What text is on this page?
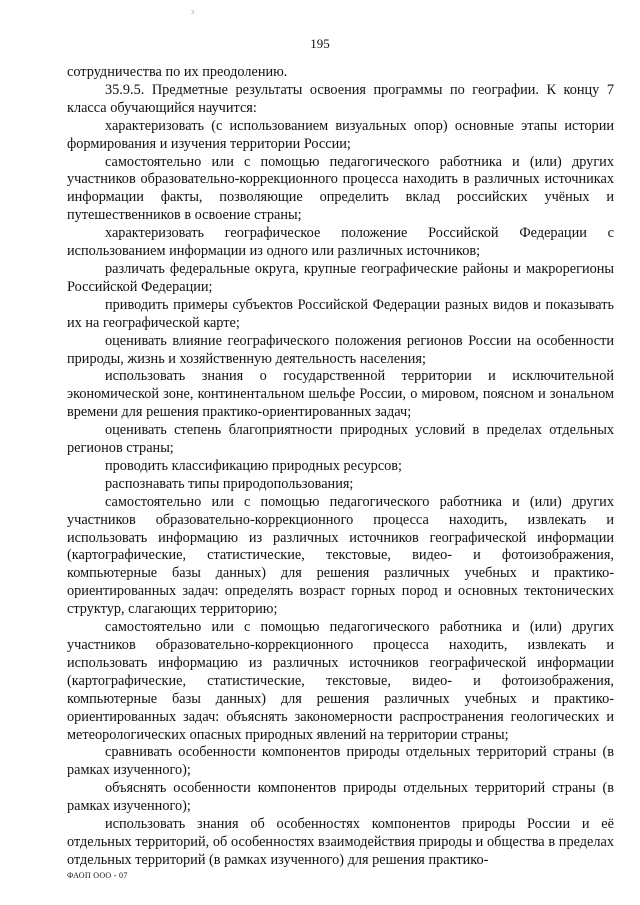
3
195

сотрудничества по их преодолению.

35.9.5. Предметные результаты освоения программы по географии. К концу 7 класса обучающийся научится:

характеризовать (с использованием визуальных опор) основные этапы истории формирования и изучения территории России;

самостоятельно или с помощью педагогического работника и (или) других участников образовательно-коррекционного процесса находить в различных источниках информации факты, позволяющие определить вклад российских учёных и путешественников в освоение страны;

характеризовать географическое положение Российской Федерации с использованием информации из одного или различных источников;

различать федеральные округа, крупные географические районы и макрорегионы Российской Федерации;

приводить примеры субъектов Российской Федерации разных видов и показывать их на географической карте;

оценивать влияние географического положения регионов России на особенности природы, жизнь и хозяйственную деятельность населения;

использовать знания о государственной территории и исключительной экономической зоне, континентальном шельфе России, о мировом, поясном и зональном времени для решения практико-ориентированных задач;

оценивать степень благоприятности природных условий в пределах отдельных регионов страны;

проводить классификацию природных ресурсов;

распознавать типы природопользования;

самостоятельно или с помощью педагогического работника и (или) других участников образовательно-коррекционного процесса находить, извлекать и использовать информацию из различных источников географической информации (картографические, статистические, текстовые, видео- и фотоизображения, компьютерные базы данных) для решения различных учебных и практико-ориентированных задач: определять возраст горных пород и основных тектонических структур, слагающих территорию;

самостоятельно или с помощью педагогического работника и (или) других участников образовательно-коррекционного процесса находить, извлекать и использовать информацию из различных источников географической информации (картографические, статистические, текстовые, видео- и фотоизображения, компьютерные базы данных) для решения различных учебных и практико-ориентированных задач: объяснять закономерности распространения геологических и метеорологических опасных природных явлений на территории страны;

сравнивать особенности компонентов природы отдельных территорий страны (в рамках изученного);

объяснять особенности компонентов природы отдельных территорий страны (в рамках изученного);

использовать знания об особенностях компонентов природы России и её отдельных территорий, об особенностях взаимодействия природы и общества в пределах отдельных территорий (в рамках изученного) для решения практико-

ФАОП ООО - 07
